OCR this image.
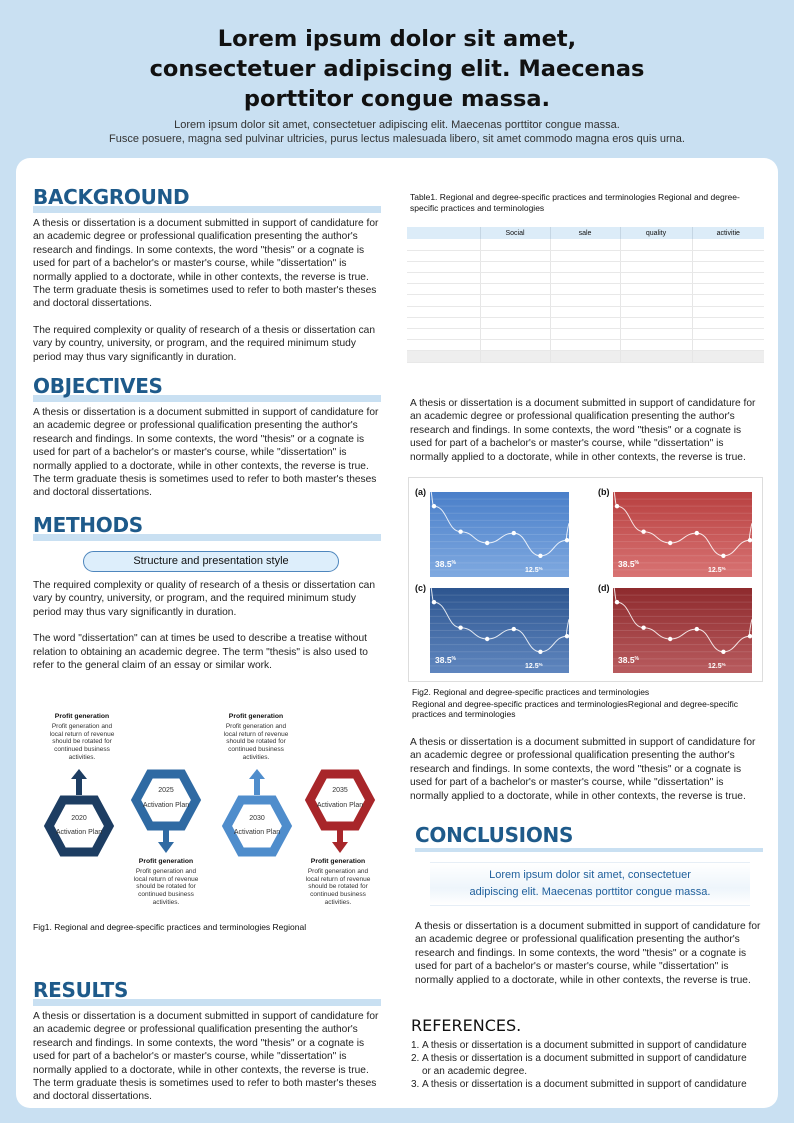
Lorem ipsum dolor sit amet, consectetuer adipiscing elit. Maecenas porttitor congue massa.
Lorem ipsum dolor sit amet, consectetuer adipiscing elit. Maecenas porttitor congue massa.
Fusce posuere, magna sed pulvinar ultricies, purus lectus malesuada libero, sit amet commodo magna eros quis urna.
BACKGROUND

A thesis or dissertation is a document submitted in support of candidature for an academic degree or professional qualification presenting the author's research and findings. In some contexts, the word "thesis" or a cognate is used for part of a bachelor's or master's course, while "dissertation" is normally applied to a doctorate, while in other contexts, the reverse is true. The term graduate thesis is sometimes used to refer to both master's theses and doctoral dissertations.

The required complexity or quality of research of a thesis or dissertation can vary by country, university, or program, and the required minimum study period may thus vary significantly in duration.

OBJECTIVES

A thesis or dissertation is a document submitted in support of candidature for an academic degree or professional qualification presenting the author's research and findings. In some contexts, the word "thesis" or a cognate is used for part of a bachelor's or master's course, while "dissertation" is normally applied to a doctorate, while in other contexts, the reverse is true. The term graduate thesis is sometimes used to refer to both master's theses and doctoral dissertations.

METHODS
Structure and presentation style

The required complexity or quality of research of a thesis or dissertation can vary by country, university, or program, and the required minimum study period may thus vary significantly in duration.

The word "dissertation" can at times be used to describe a treatise without relation to obtaining an academic degree. The term "thesis" is also used to refer to the general claim of an essay or similar work.

Profit generation
Profit generation and local return of revenue should be rotated for continued business activities.
Profit generation
Profit generation and local return of revenue should be rotated for continued business activities.
Profit generation
Profit generation and local return of revenue should be rotated for continued business activities.
Profit generation
Profit generation and local return of revenue should be rotated for continued business activities.
2020
Activation Plan
2025
Activation Plan
2030
Activation Plan
2035
Activation Plan
Fig1. Regional and degree-specific practices and terminologies Regional
RESULTS

A thesis or dissertation is a document submitted in support of candidature for an academic degree or professional qualification presenting the author's research and findings. In some contexts, the word "thesis" or a cognate is used for part of a bachelor's or master's course, while "dissertation" is normally applied to a doctorate, while in other contexts, the reverse is true. The term graduate thesis is sometimes used to refer to both master's theses and doctoral dissertations.

Table1. Regional and degree-specific practices and terminologies Regional and degree-specific practices and terminologies
	Social	sale	quality	activitie

A thesis or dissertation is a document submitted in support of candidature for an academic degree or professional qualification presenting the author's research and findings. In some contexts, the word "thesis" or a cognate is used for part of a bachelor's or master's course, while "dissertation" is normally applied to a doctorate, while in other contexts, the reverse is true.

(a)
38.5%
12.5%
(b)
38.5%
12.5%
(c)
38.5%
12.5%
(d)
38.5%
12.5%
Fig2. Regional and degree-specific practices and terminologies
Regional and degree-specific practices and terminologiesRegional and degree-specific practices and terminologies

A thesis or dissertation is a document submitted in support of candidature for an academic degree or professional qualification presenting the author's research and findings. In some contexts, the word "thesis" or a cognate is used for part of a bachelor's or master's course, while "dissertation" is normally applied to a doctorate, while in other contexts, the reverse is true.

CONCLUSIONS
Lorem ipsum dolor sit amet, consectetuer
adipiscing elit. Maecenas porttitor congue massa.

A thesis or dissertation is a document submitted in support of candidature for an academic degree or professional qualification presenting the author's research and findings. In some contexts, the word "thesis" or a cognate is used for part of a bachelor's or master's course, while "dissertation" is normally applied to a doctorate, while in other contexts, the reverse is true.

REFERENCES.
1. A thesis or dissertation is a document submitted in support of candidature
2. A thesis or dissertation is a document submitted in support of candidature
or an academic degree.
3. A thesis or dissertation is a document submitted in support of candidature
